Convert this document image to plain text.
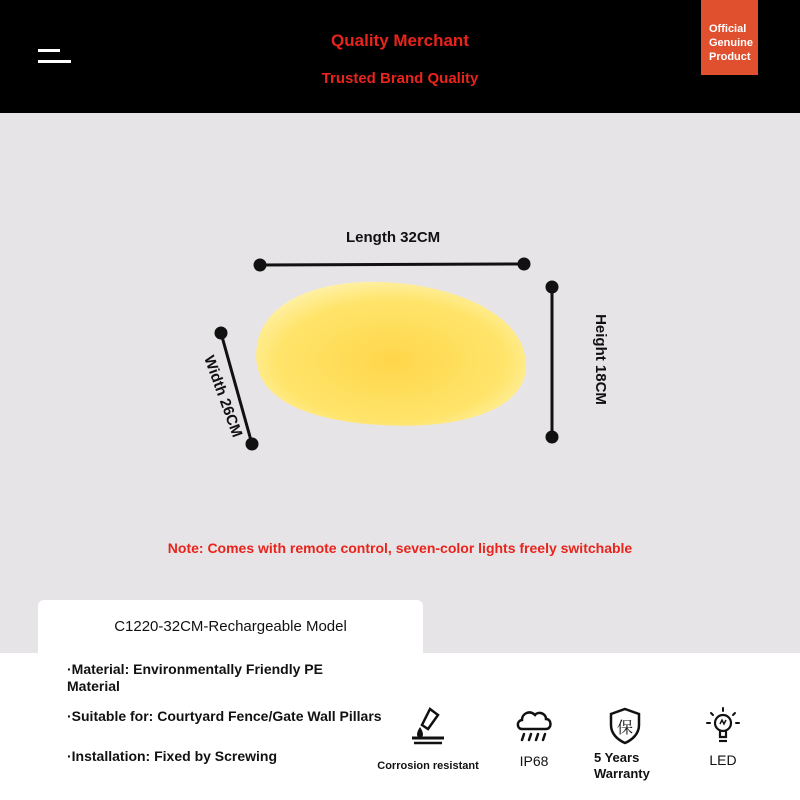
Quality Merchant
Trusted Brand Quality
Official
Genuine
Product
Length 32CM
Height 18CM
Width 26CM
Note: Comes with remote control, seven-color lights freely switchable
C1220-32CM-Rechargeable Model
·Material: Environmentally Friendly PE Material
·Suitable for: Courtyard Fence/Gate Wall Pillars
·Installation: Fixed by Screwing
Corrosion resistant	IP68
保
5 Years Warranty
LED
